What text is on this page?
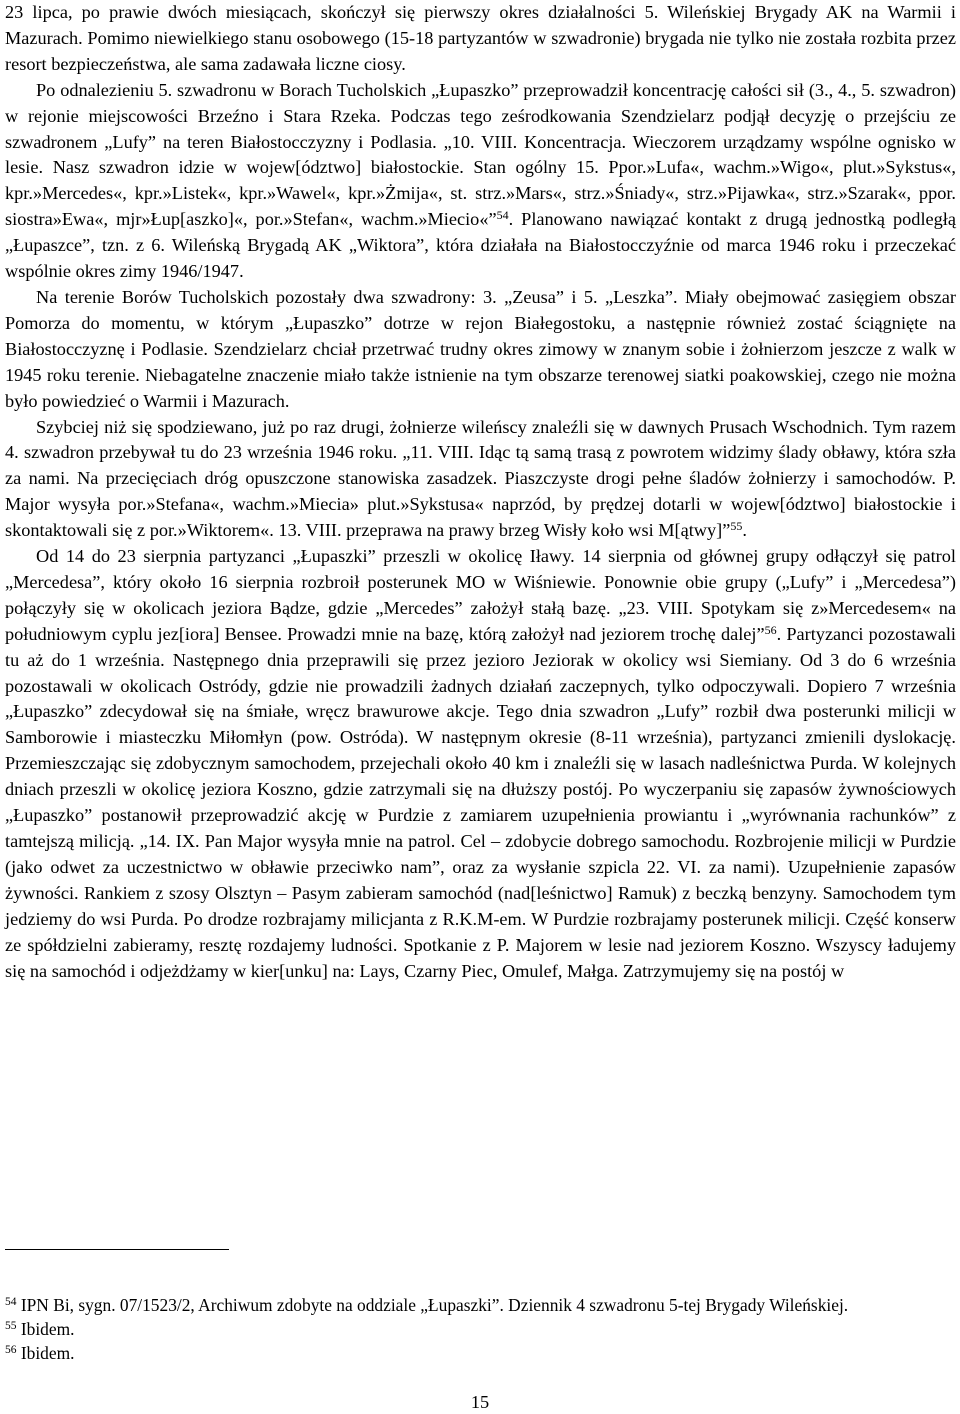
23 lipca, po prawie dwóch miesiącach, skończył się pierwszy okres działalności 5. Wileńskiej Brygady AK na Warmii i Mazurach. Pomimo niewielkiego stanu osobowego (15-18 partyzantów w szwadronie) brygada nie tylko nie została rozbita przez resort bezpieczeństwa, ale sama zadawała liczne ciosy.

Po odnalezieniu 5. szwadronu w Borach Tucholskich „Łupaszko” przeprowadził koncentrację całości sił (3., 4., 5. szwadron) w rejonie miejscowości Brzeźno i Stara Rzeka. Podczas tego ześrodkowania Szendzielarz podjął decyzję o przejściu ze szwadronem „Lufy” na teren Białostocczyzny i Podlasia. „10. VIII. Koncentracja. Wieczorem urządzamy wspólne ognisko w lesie. Nasz szwadron idzie w wojew[ództwo] białostockie. Stan ogólny 15. Ppor.»Lufa«, wachm.»Wigo«, plut.»Sykstus«, kpr.»Mercedes«, kpr.»Listek«, kpr.»Wawel«, kpr.»Żmija«, st. strz.»Mars«, strz.»Śniady«, strz.»Pijawka«, strz.»Szarak«, ppor. siostra»Ewa«, mjr»Łup[aszko]«, por.»Stefan«, wachm.»Miecio«”$^{54}$. Planowano nawiązać kontakt z drugą jednostką podległą „Łupaszce”, tzn. z 6. Wileńską Brygadą AK „Wiktora”, która działała na Białostocczyźnie od marca 1946 roku i przeczekać wspólnie okres zimy 1946/1947.

Na terenie Borów Tucholskich pozostały dwa szwadrony: 3. „Zeusa” i 5. „Leszka”. Miały obejmować zasięgiem obszar Pomorza do momentu, w którym „Łupaszko” dotrze w rejon Białegostoku, a następnie również zostać ściągnięte na Białostocczyznę i Podlasie. Szendzielarz chciał przetrwać trudny okres zimowy w znanym sobie i żołnierzom jeszcze z walk w 1945 roku terenie. Niebagatelne znaczenie miało także istnienie na tym obszarze terenowej siatki poakowskiej, czego nie można było powiedzieć o Warmii i Mazurach.

Szybciej niż się spodziewano, już po raz drugi, żołnierze wileńscy znaleźli się w dawnych Prusach Wschodnich. Tym razem 4. szwadron przebywał tu do 23 września 1946 roku. „11. VIII. Idąc tą samą trasą z powrotem widzimy ślady obławy, która szła za nami. Na przecięciach dróg opuszczone stanowiska zasadzek. Piaszczyste drogi pełne śladów żołnierzy i samochodów. P. Major wysyła por.»Stefana«, wachm.»Miecia» plut.»Sykstusa« naprzód, by prędzej dotarli w wojew[ództwo] białostockie i skontaktowali się z por.»Wiktorem«. 13. VIII. przeprawa na prawy brzeg Wisły koło wsi M[ątwy]”$^{55}$.

Od 14 do 23 sierpnia partyzanci „Łupaszki” przeszli w okolicę Iławy. 14 sierpnia od głównej grupy odłączył się patrol „Mercedesa”, który około 16 sierpnia rozbroił posterunek MO w Wiśniewie. Ponownie obie grupy („Lufy” i „Mercedesa”) połączyły się w okolicach jeziora Bądze, gdzie „Mercedes” założył stałą bazę. „23. VIII. Spotykam się z»Mercedesem« na południowym cyplu jez[iora] Bensee. Prowadzi mnie na bazę, którą założył nad jeziorem trochę dalej”$^{56}$. Partyzanci pozostawali tu aż do 1 września. Następnego dnia przeprawili się przez jezioro Jeziorak w okolicy wsi Siemiany. Od 3 do 6 września pozostawali w okolicach Ostródy, gdzie nie prowadzili żadnych działań zaczepnych, tylko odpoczywali. Dopiero 7 września „Łupaszko” zdecydował się na śmiałe, wręcz brawurowe akcje. Tego dnia szwadron „Lufy” rozbił dwa posterunki milicji w Samborowie i miasteczku Miłomłyn (pow. Ostróda). W następnym okresie (8-11 września), partyzanci zmienili dyslokację. Przemieszczając się zdobycznym samochodem, przejechali około 40 km i znaleźli się w lasach nadleśnictwa Purda. W kolejnych dniach przeszli w okolicę jeziora Koszno, gdzie zatrzymali się na dłuższy postój. Po wyczerpaniu się zapasów żywnościowych „Łupaszko” postanowił przeprowadzić akcję w Purdzie z zamiarem uzupełnienia prowiantu i „wyrównania rachunków” z tamtejszą milicją. „14. IX. Pan Major wysyła mnie na patrol. Cel – zdobycie dobrego samochodu. Rozbrojenie milicji w Purdzie (jako odwet za uczestnictwo w obławie przeciwko nam”, oraz za wysłanie szpicla 22. VI. za nami). Uzupełnienie zapasów żywności. Rankiem z szosy Olsztyn – Pasym zabieram samochód (nad[leśnictwo] Ramuk) z beczką benzyny. Samochodem tym jedziemy do wsi Purda. Po drodze rozbrajamy milicjanta z R.K.M-em. W Purdzie rozbrajamy posterunek milicji. Część konserw ze spółdzielni zabieramy, resztę rozdajemy ludności. Spotkanie z P. Majorem w lesie nad jeziorem Koszno. Wszyscy ładujemy się na samochód i odjeżdżamy w kier[unku] na: Lays, Czarny Piec, Omulef, Małga. Zatrzymujemy się na postój w

$^{54}$ IPN Bi, sygn. 07/1523/2, Archiwum zdobyte na oddziale „Łupaszki”. Dziennik 4 szwadronu 5-tej Brygady Wileńskiej.

$^{55}$ Ibidem.

$^{56}$ Ibidem.

15
